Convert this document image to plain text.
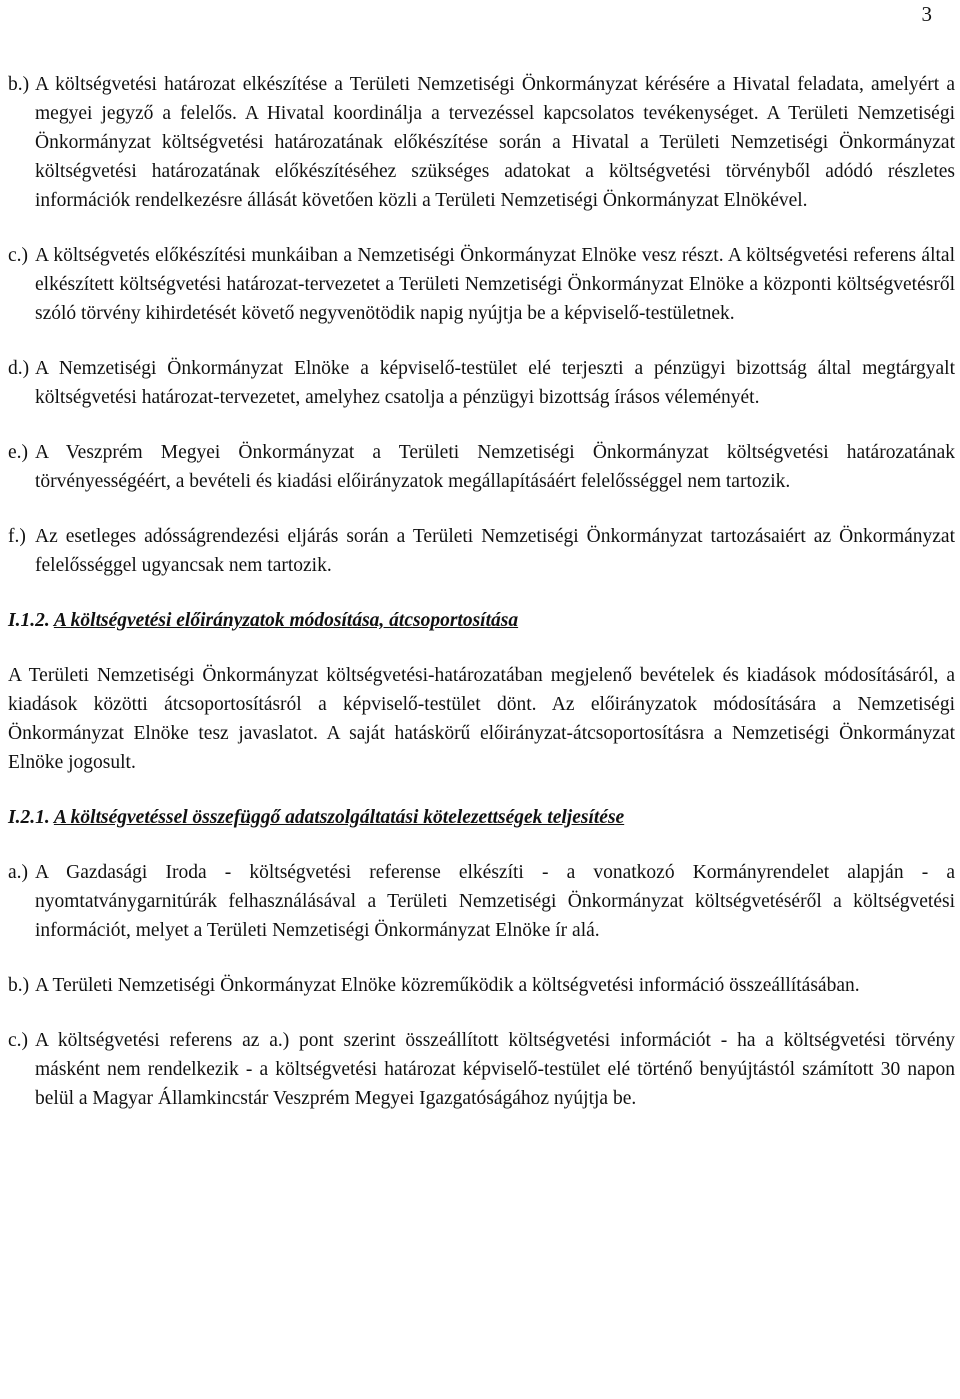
3
b.) A költségvetési határozat elkészítése a Területi Nemzetiségi Önkormányzat kérésére a Hivatal feladata, amelyért a megyei jegyző a felelős. A Hivatal koordinálja a tervezéssel kapcsolatos tevékenységet. A Területi Nemzetiségi Önkormányzat költségvetési határozatának előkészítése során a Hivatal a Területi Nemzetiségi Önkormányzat költségvetési határozatának előkészítéséhez szükséges adatokat a költségvetési törvényből adódó részletes információk rendelkezésre állását követően közli a Területi Nemzetiségi Önkormányzat Elnökével.
c.) A költségvetés előkészítési munkáiban a Nemzetiségi Önkormányzat Elnöke vesz részt. A költségvetési referens által elkészített költségvetési határozat-tervezetet a Területi Nemzetiségi Önkormányzat Elnöke a központi költségvetésről szóló törvény kihirdetését követő negyvenötödik napig nyújtja be a képviselő-testületnek.
d.) A Nemzetiségi Önkormányzat Elnöke a képviselő-testület elé terjeszti a pénzügyi bizottság által megtárgyalt költségvetési határozat-tervezetet, amelyhez csatolja a pénzügyi bizottság írásos véleményét.
e.) A Veszprém Megyei Önkormányzat a Területi Nemzetiségi Önkormányzat költségvetési határozatának törvényességéért, a bevételi és kiadási előirányzatok megállapításáért felelősséggel nem tartozik.
f.) Az esetleges adósságrendezési eljárás során a Területi Nemzetiségi Önkormányzat tartozásaiért az Önkormányzat felelősséggel ugyancsak nem tartozik.
I.1.2. A költségvetési előirányzatok módosítása, átcsoportosítása
A Területi Nemzetiségi Önkormányzat költségvetési-határozatában megjelenő bevételek és kiadások módosításáról, a kiadások közötti átcsoportosításról a képviselő-testület dönt. Az előirányzatok módosítására a Nemzetiségi Önkormányzat Elnöke tesz javaslatot. A saját hatáskörű előirányzat-átcsoportosításra a Nemzetiségi Önkormányzat Elnöke jogosult.
I.2.1. A költségvetéssel összefüggő adatszolgáltatási kötelezettségek teljesítése
a.) A Gazdasági Iroda - költségvetési referense elkészíti - a vonatkozó Kormányrendelet alapján - a nyomtatványgarnitúrák felhasználásával a Területi Nemzetiségi Önkormányzat költségvetéséről a költségvetési információt, melyet a Területi Nemzetiségi Önkormányzat Elnöke ír alá.
b.) A Területi Nemzetiségi Önkormányzat Elnöke közreműködik a költségvetési információ összeállításában.
c.) A költségvetési referens az a.) pont szerint összeállított költségvetési információt - ha a költségvetési törvény másként nem rendelkezik - a költségvetési határozat képviselő-testület elé történő benyújtástól számított 30 napon belül a Magyar Államkincstár Veszprém Megyei Igazgatóságához nyújtja be.
